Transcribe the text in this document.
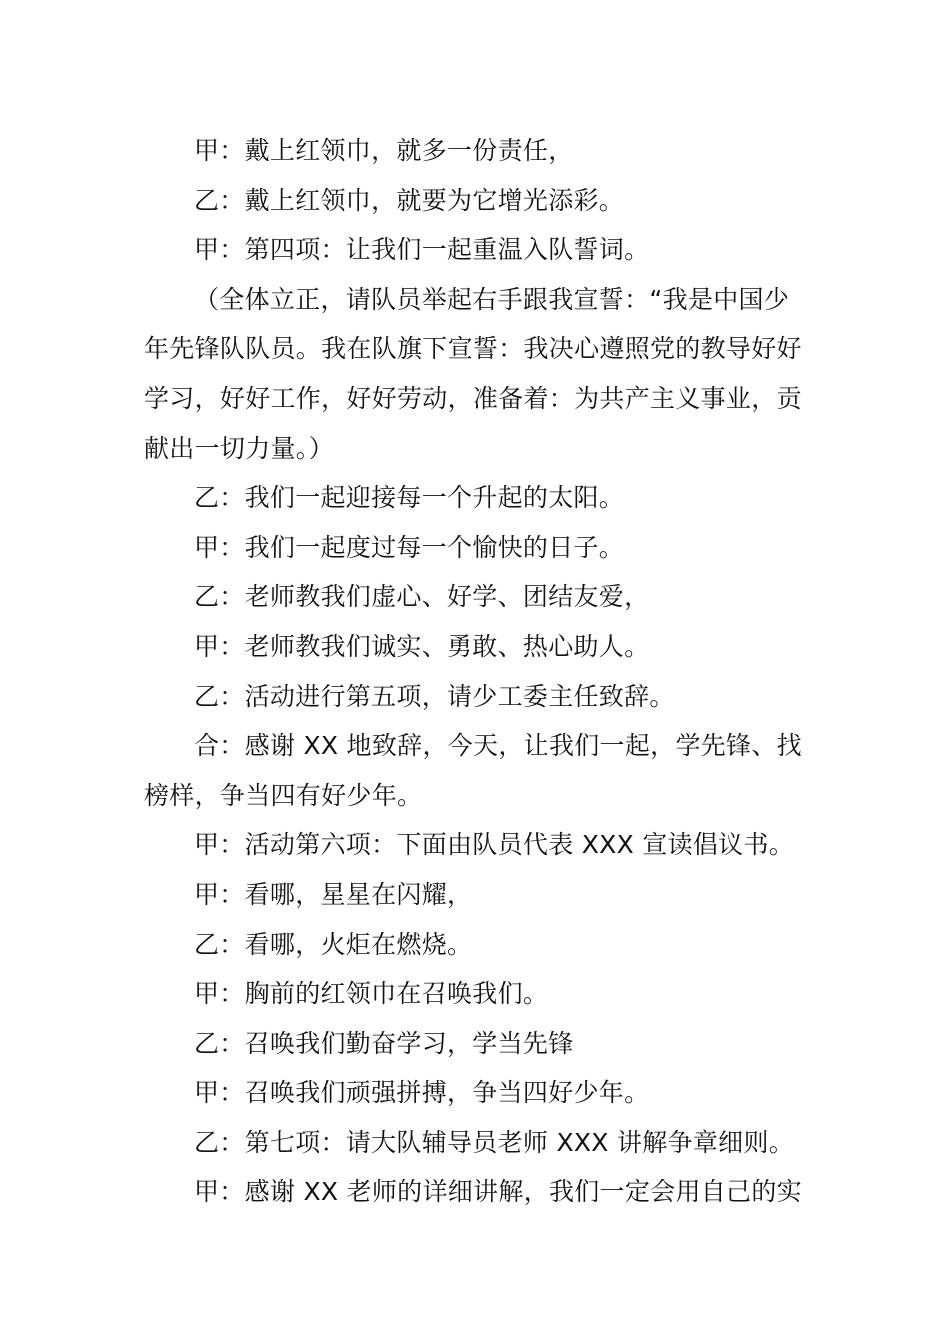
甲：戴上红领巾，就多一份责任，

乙：戴上红领巾，就要为它增光添彩。

甲：第四项：让我们一起重温入队誓词。

（全体立正，请队员举起右手跟我宣誓：“我是中国少年先锋队队员。我在队旗下宣誓：我决心遵照党的教导好好学习，好好工作，好好劳动，准备着：为共产主义事业，贡献出一切力量。）

乙：我们一起迎接每一个升起的太阳。

甲：我们一起度过每一个愉快的日子。

乙：老师教我们虚心、好学、团结友爱，

甲：老师教我们诚实、勇敢、热心助人。

乙：活动进行第五项，请少工委主任致辞。

合：感谢 XX 地致辞，今天，让我们一起，学先锋、找榜样，争当四有好少年。

甲：活动第六项：下面由队员代表 XXX 宣读倡议书。

甲：看哪，星星在闪耀，

乙：看哪，火炬在燃烧。

甲：胸前的红领巾在召唤我们。

乙：召唤我们勤奋学习，学当先锋

甲：召唤我们顽强拼搏，争当四好少年。

乙：第七项：请大队辅导员老师 XXX 讲解争章细则。

甲：感谢 XX 老师的详细讲解，我们一定会用自己的实
